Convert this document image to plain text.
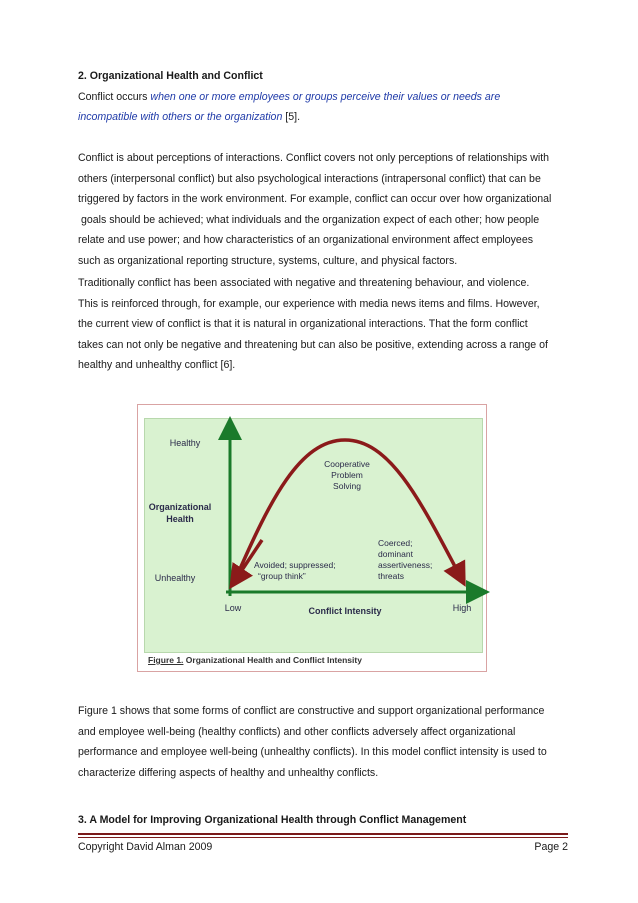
2. Organizational Health and Conflict
Conflict occurs when one or more employees or groups perceive their values or needs are
incompatible with others or the organization [5].
Conflict is about perceptions of interactions. Conflict covers not only perceptions of relationships with
others (interpersonal conflict) but also psychological interactions (intrapersonal conflict) that can be
triggered by factors in the work environment. For example, conflict can occur over how organizational
goals should be achieved; what individuals and the organization expect of each other; how people
relate and use power; and how characteristics of an organizational environment affect employees
such as organizational reporting structure, systems, culture, and physical factors.
Traditionally conflict has been associated with negative and threatening behaviour, and violence.
This is reinforced through, for example, our experience with media news items and films. However,
the current view of conflict is that it is natural in organizational interactions. That the form conflict
takes can not only be negative and threatening but can also be positive, extending across a range of
healthy and unhealthy conflict [6].
Healthy
Organizational
Health
Unhealthy
Low	Conflict Intensity	High
Cooperative
Problem
Solving
Avoided; suppressed;
“group think”
Coerced;
dominant
assertiveness;
threats
Figure 1. Organizational Health and Conflict Intensity
Figure 1 shows that some forms of conflict are constructive and support organizational performance
and employee well-being (healthy conflicts) and other conflicts adversely affect organizational
performance and employee well-being (unhealthy conflicts). In this model conflict intensity is used to
characterize differing aspects of healthy and unhealthy conflicts.
3. A Model for Improving Organizational Health through Conflict Management
Copyright David Alman 2009	Page 2
